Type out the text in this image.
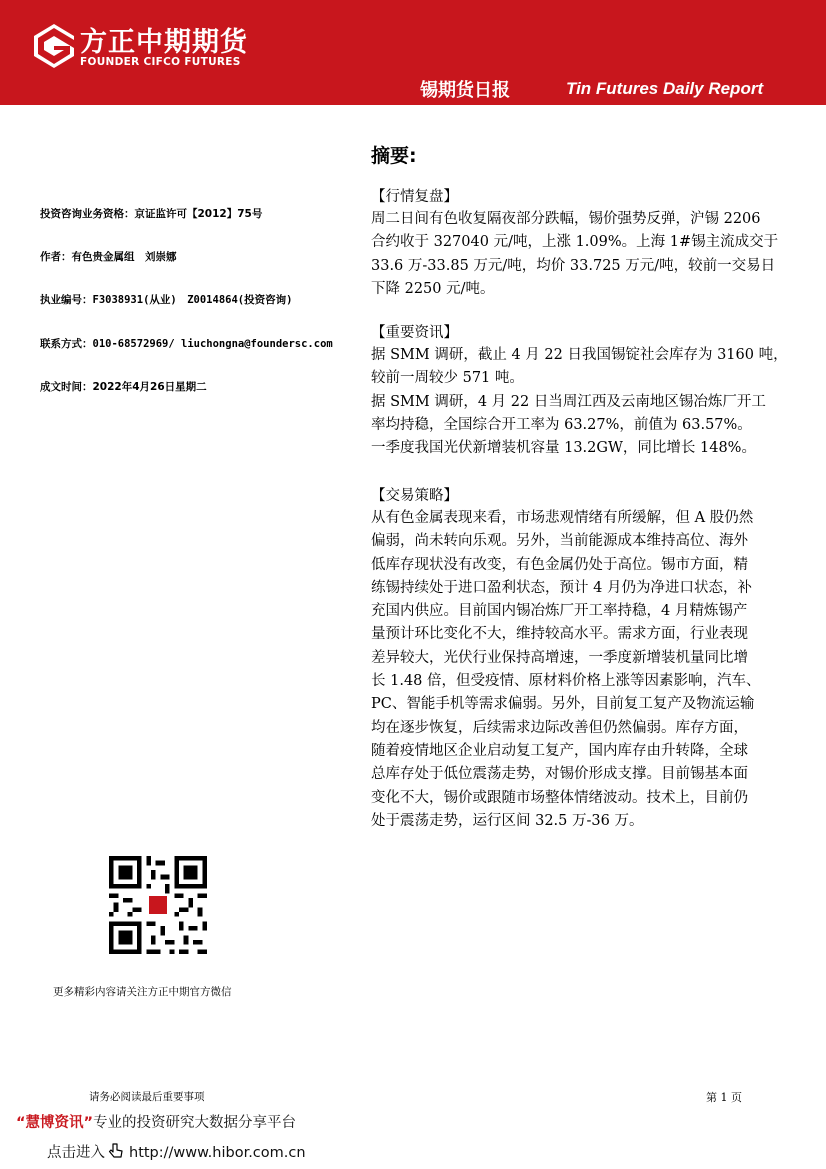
方正中期期货
FOUNDER CIFCO FUTURES
锡期货日报	Tin Futures Daily Report
投资咨询业务资格：京证监许可【2012】75号
作者：有色贵金属组　刘崇娜
执业编号：F3038931(从业)　Z0014864(投资咨询)
联系方式：010-68572969/ liuchongna@foundersc.com
成文时间：2022年4月26日星期二
更多精彩内容请关注方正中期官方微信
摘要:
【行情复盘】

周二日间有色收复隔夜部分跌幅，锡价强势反弹，沪锡 2206

合约收于 327040 元/吨，上涨 1.09%。上海 1#锡主流成交于

33.6 万-33.85 万元/吨，均价 33.725 万元/吨，较前一交易日

下降 2250 元/吨。

【重要资讯】

据 SMM 调研，截止 4 月 22 日我国锡锭社会库存为 3160 吨，

较前一周较少 571 吨。

据 SMM 调研，4 月 22 日当周江西及云南地区锡冶炼厂开工

率均持稳，全国综合开工率为 63.27%，前值为 63.57%。

一季度我国光伏新增装机容量 13.2GW，同比增长 148%。

【交易策略】

从有色金属表现来看，市场悲观情绪有所缓解，但 A 股仍然

偏弱，尚未转向乐观。另外，当前能源成本维持高位、海外

低库存现状没有改变，有色金属仍处于高位。锡市方面，精

练锡持续处于进口盈利状态，预计 4 月仍为净进口状态，补

充国内供应。目前国内锡冶炼厂开工率持稳，4 月精炼锡产

量预计环比变化不大，维持较高水平。需求方面，行业表现

差异较大，光伏行业保持高增速，一季度新增装机量同比增

长 1.48 倍，但受疫情、原材料价格上涨等因素影响，汽车、

PC、智能手机等需求偏弱。另外，目前复工复产及物流运输

均在逐步恢复，后续需求边际改善但仍然偏弱。库存方面，

随着疫情地区企业启动复工复产，国内库存由升转降，全球

总库存处于低位震荡走势，对锡价形成支撑。目前锡基本面

变化不大，锡价或跟随市场整体情绪波动。技术上，目前仍

处于震荡走势，运行区间 32.5 万-36 万。

请务必阅读最后重要事项	第 1 页
“慧博资讯”专业的投资研究大数据分享平台
点击进入 http://www.hibor.com.cn
